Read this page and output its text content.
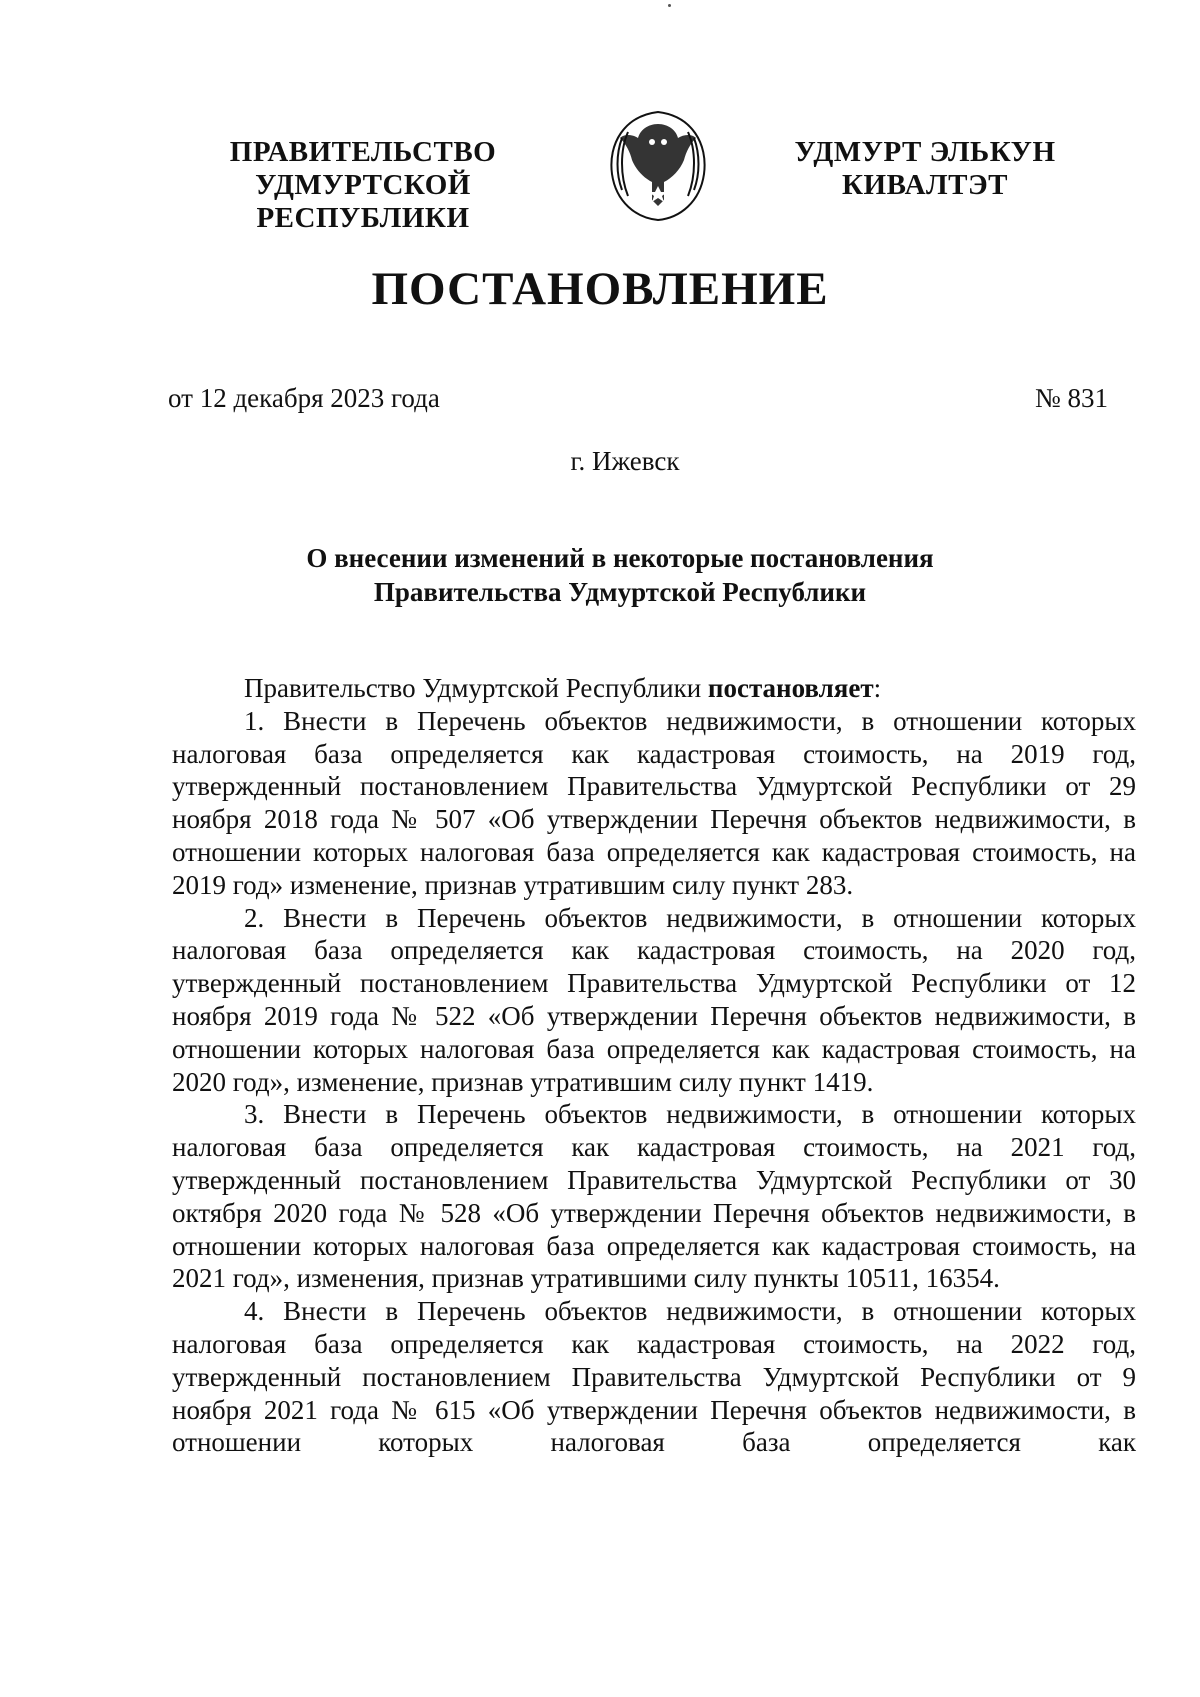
ПРАВИТЕЛЬСТВО
УДМУРТСКОЙ РЕСПУБЛИКИ
УДМУРТ ЭЛЬКУН
КИВАЛТЭТ
ПОСТАНОВЛЕНИЕ
от 12 декабря 2023 года	№ 831
г. Ижевск
О внесении изменений в некоторые постановления
Правительства Удмуртской Республики

Правительство Удмуртской Республики постановляет:

1. Внести в Перечень объектов недвижимости, в отношении которых налоговая база определяется как кадастровая стоимость, на 2019 год, утвержденный постановлением Правительства Удмуртской Республики от 29 ноября 2018 года № 507 «Об утверждении Перечня объектов недвижимости, в отношении которых налоговая база определяется как кадастровая стоимость, на 2019 год» изменение, признав утратившим силу пункт 283.

2. Внести в Перечень объектов недвижимости, в отношении которых налоговая база определяется как кадастровая стоимость, на 2020 год, утвержденный постановлением Правительства Удмуртской Республики от 12 ноября 2019 года № 522 «Об утверждении Перечня объектов недвижимости, в отношении которых налоговая база определяется как кадастровая стоимость, на 2020 год», изменение, признав утратившим силу пункт 1419.

3. Внести в Перечень объектов недвижимости, в отношении которых налоговая база определяется как кадастровая стоимость, на 2021 год, утвержденный постановлением Правительства Удмуртской Республики от 30 октября 2020 года № 528 «Об утверждении Перечня объектов недвижимости, в отношении которых налоговая база определяется как кадастровая стоимость, на 2021 год», изменения, признав утратившими силу пункты 10511, 16354.

4. Внести в Перечень объектов недвижимости, в отношении которых налоговая база определяется как кадастровая стоимость, на 2022 год, утвержденный постановлением Правительства Удмуртской Республики от 9 ноября 2021 года № 615 «Об утверждении Перечня объектов недвижимости, в отношении которых налоговая база определяется как
